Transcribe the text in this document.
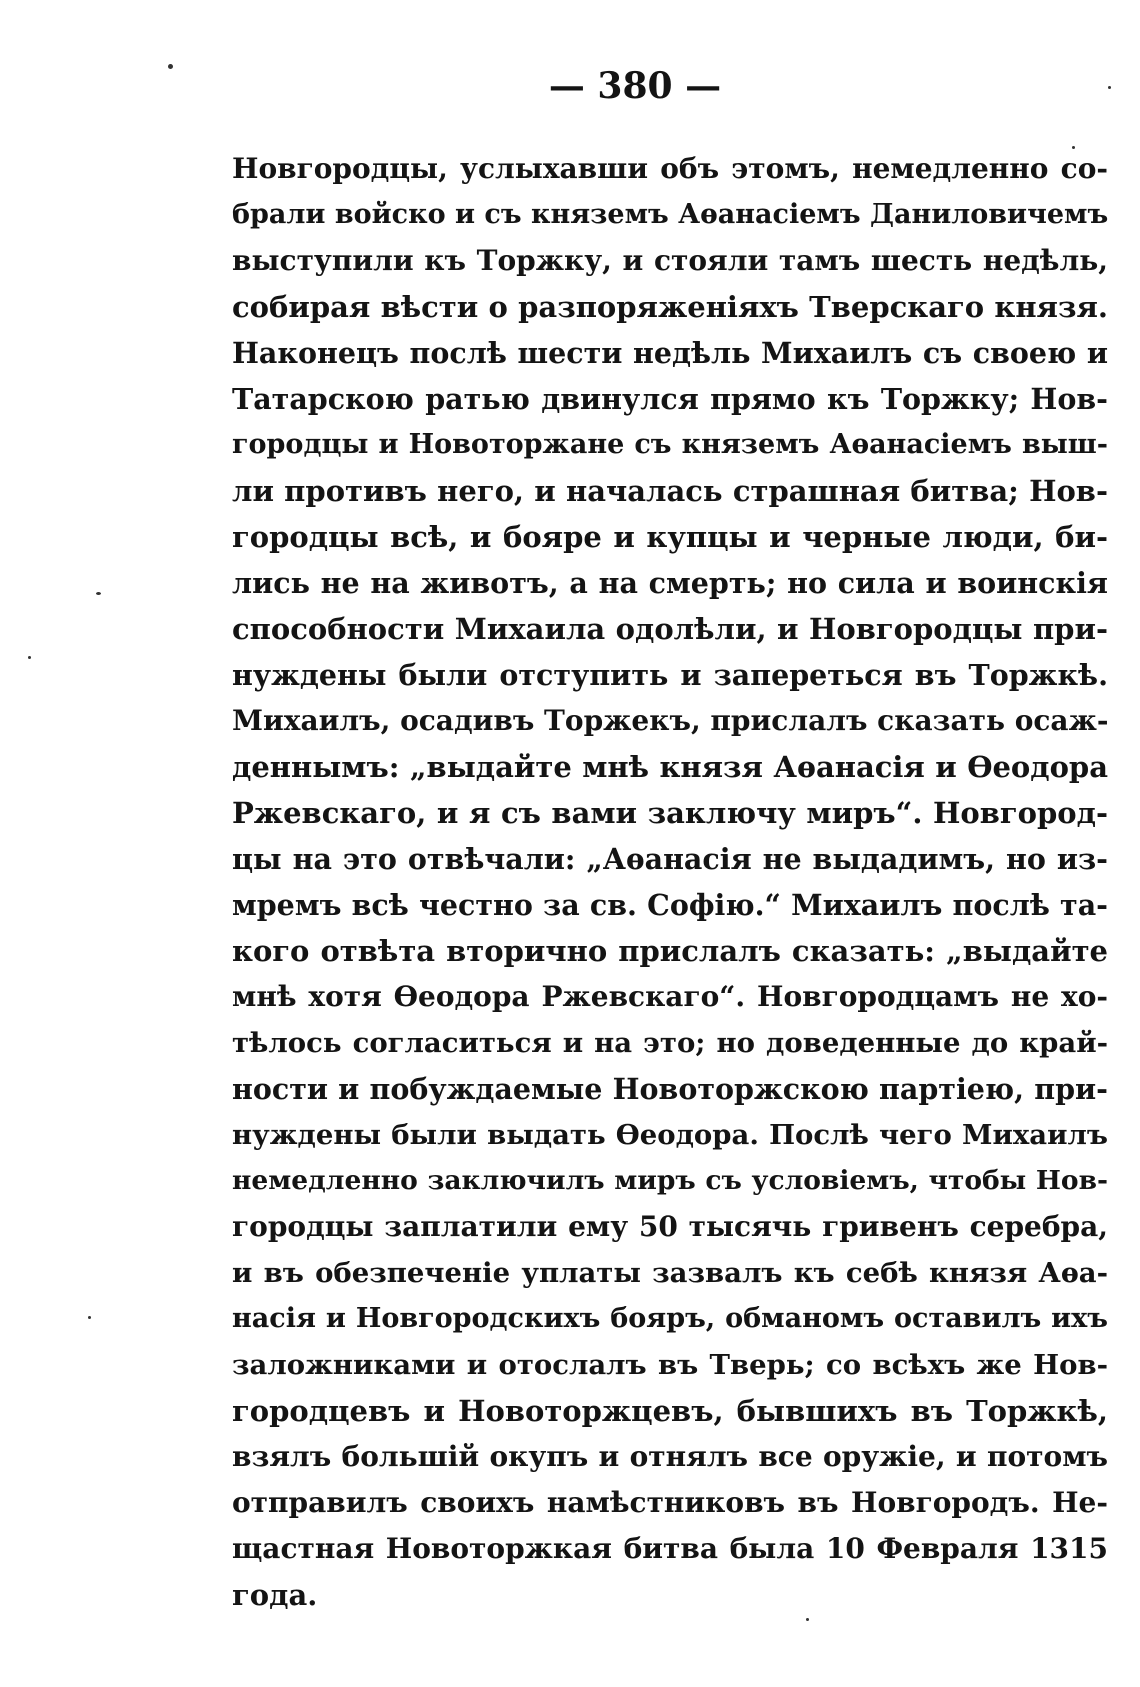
— 380 —
Новгородцы, услыхавши объ этомъ, немедленно со-
брали войско и съ княземъ Аѳанасіемъ Даниловичемъ
выступили къ Торжку, и стояли тамъ шесть недѣль,
собирая вѣсти о разпоряженіяхъ Тверскаго князя.
Наконецъ послѣ шести недѣль Михаилъ съ своею и
Татарскою ратью двинулся прямо къ Торжку; Нов-
городцы и Новоторжане съ княземъ Аѳанасіемъ выш-
ли противъ него, и началась страшная битва; Нов-
городцы всѣ, и бояре и купцы и черные люди, би-
лись не на животъ, а на смерть; но сила и воинскія
способности Михаила одолѣли, и Новгородцы при-
нуждены были отступить и запереться въ Торжкѣ.
Михаилъ, осадивъ Торжекъ, прислалъ сказать осаж-
деннымъ: „выдайте мнѣ князя Аѳанасія и Ѳеодора
Ржевскаго, и я съ вами заключу миръ“. Новгород-
цы на это отвѣчали: „Аѳанасія не выдадимъ, но из-
мремъ всѣ честно за св. Софію.“ Михаилъ послѣ та-
кого отвѣта вторично прислалъ сказать: „выдайте
мнѣ хотя Ѳеодора Ржевскаго“. Новгородцамъ не хо-
тѣлось согласиться и на это; но доведенные до край-
ности и побуждаемые Новоторжскою партіею, при-
нуждены были выдать Ѳеодора. Послѣ чего Михаилъ
немедленно заключилъ миръ съ условіемъ, чтобы Нов-
городцы заплатили ему 50 тысячь гривенъ серебра,
и въ обезпеченіе уплаты зазвалъ къ себѣ князя Аѳа-
насія и Новгородскихъ бояръ, обманомъ оставилъ ихъ
заложниками и отослалъ въ Тверь; со всѣхъ же Нов-
городцевъ и Новоторжцевъ, бывшихъ въ Торжкѣ,
взялъ большій окупъ и отнялъ все оружіе, и потомъ
отправилъ своихъ намѣстниковъ въ Новгородъ. Не-
щастная Новоторжкая битва была 10 Февраля 1315
года.
